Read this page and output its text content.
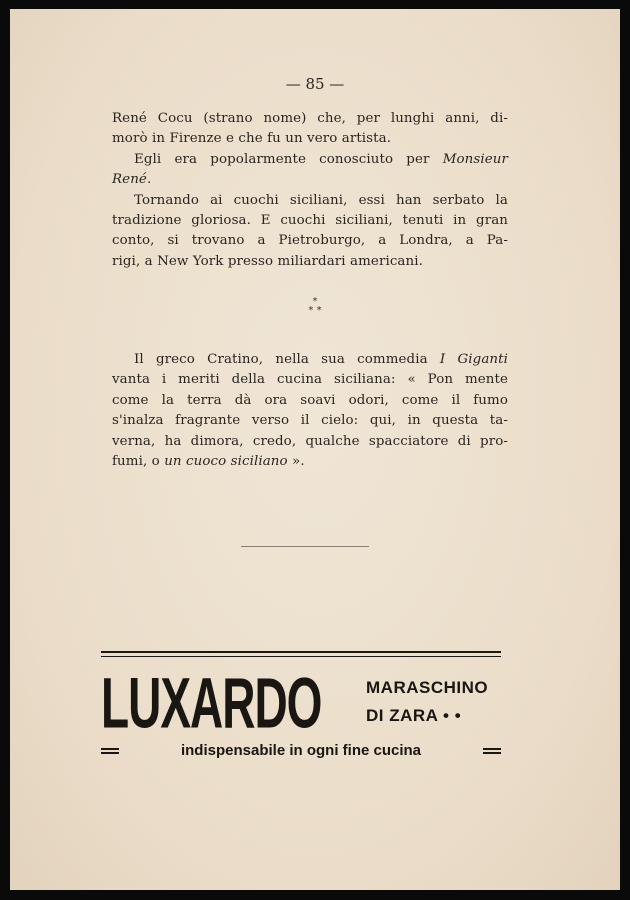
— 85 —

René Cocu (strano nome) che, per lunghi anni, di-
morò in Firenze e che fu un vero artista.

Egli era popolarmente conosciuto per Monsieur

René.

Tornando ai cuochi siciliani, essi han serbato la

tradizione gloriosa. E cuochi siciliani, tenuti in gran
conto, si trovano a Pietroburgo, a Londra, a Pa-
rigi, a New York presso miliardari americani.

*
* *

Il greco Cratino, nella sua commedia I Giganti

vanta i meriti della cucina siciliana: « Pon mente
come la terra dà ora soavi odori, come il fumo
s'inalza fragrante verso il cielo: qui, in questa ta-
verna, ha dimora, credo, qualche spacciatore di pro-
fumi, o un cuoco siciliano ».

LUXARDO	MARASCHINO
DI ZARA • •
indispensabile in ogni fine cucina
